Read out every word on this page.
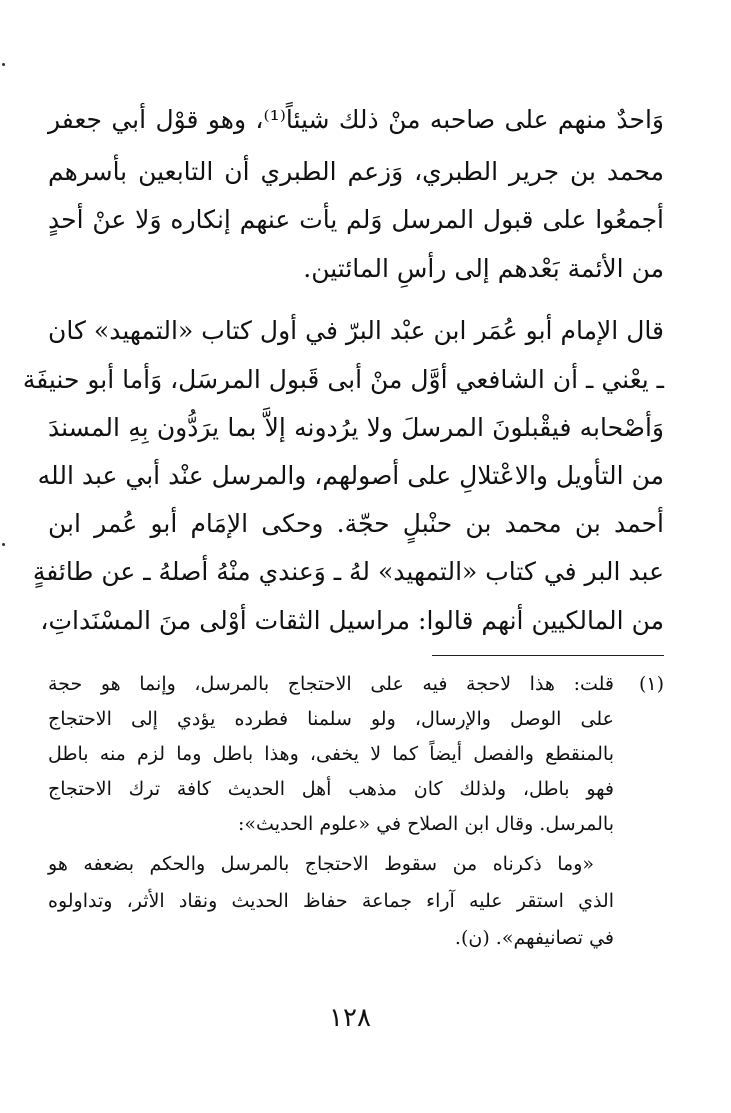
وَاحدٌ منهم على صاحبه منْ ذلك شيئاً⁽¹⁾، وهو قوْل أبي جعفر
محمد بن جرير الطبري، وَزعم الطبري أن التابعين بأسرهم
أجمعُوا على قبول المرسل وَلم يأت عنهم إنكاره وَلا عنْ أحدٍ
من الأئمة بَعْدهم إلى رأسِ المائتين.
قال الإمام أبو عُمَر ابن عبْد البرّ في أول كتاب «التمهيد» كان
ـ يعْني ـ أن الشافعي أوَّل منْ أبى قَبول المرسَل، وَأما أبو حنيفَة
وَأصْحابه فيقْبلونَ المرسلَ ولا يرُدونه إلاَّ بما يرَدُّون بِهِ المسندَ
من التأويل والاعْتلالِ على أصولهم، والمرسل عنْد أبي عبد الله
أحمد بن محمد بن حنْبلٍ حجّة. وحكى الإمَام أبو عُمر ابن
عبد البر في كتاب «التمهيد» لهُ ـ وَعندي منْهُ أصلهُ ـ عن طائفةٍ
من المالكيين أنهم قالوا: مراسيل الثقات أوْلى منَ المسْنَداتِ،
(١)
قلت: هذا لاحجة فيه على الاحتجاج بالمرسل، وإنما هو حجة
على الوصل والإرسال، ولو سلمنا فطرده يؤدي إلى الاحتجاج
بالمنقطع والفصل أيضاً كما لا يخفى، وهذا باطل وما لزم منه باطل
فهو باطل، ولذلك كان مذهب أهل الحديث كافة ترك الاحتجاج
بالمرسل. وقال ابن الصلاح في «علوم الحديث»:
«وما ذكرناه من سقوط الاحتجاج بالمرسل والحكم بضعفه هو
الذي استقر عليه آراء جماعة حفاظ الحديث ونقاد الأثر، وتداولوه
في تصانيفهم». (ن).
١٢٨
